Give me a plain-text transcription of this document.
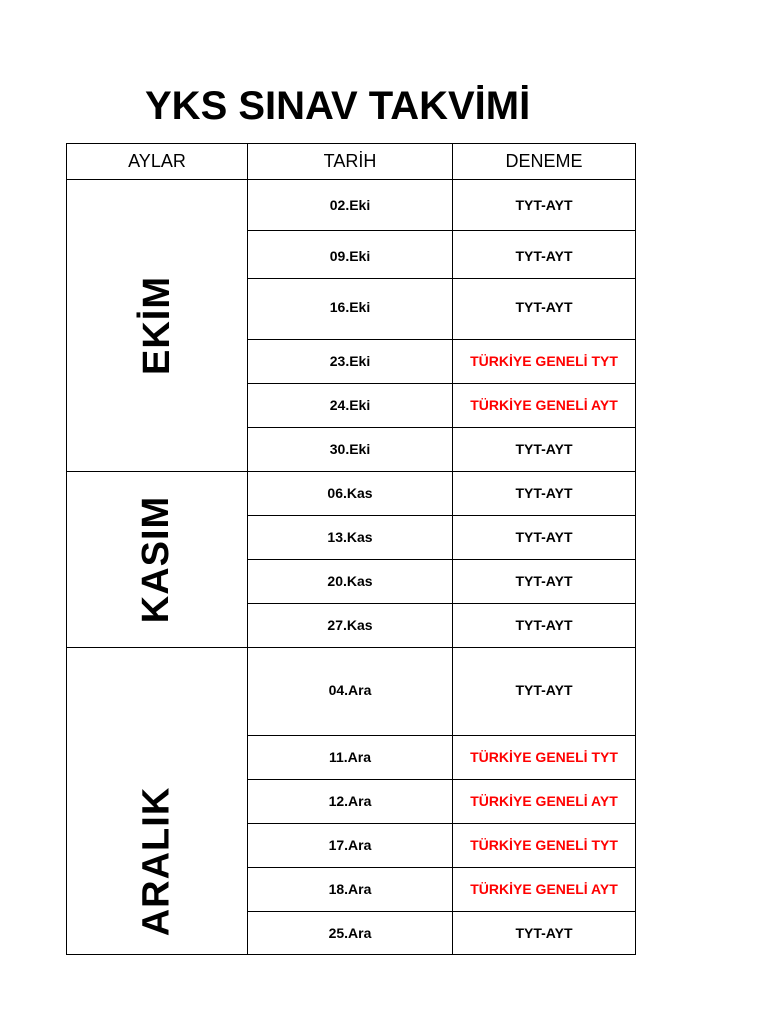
YKS SINAV TAKVİMİ
AYLAR	TARİH	DENEME
EKİM	02.Eki	TYT-AYT
	09.Eki	TYT-AYT
	16.Eki	TYT-AYT
	23.Eki	TÜRKİYE GENELİ TYT
	24.Eki	TÜRKİYE GENELİ AYT
	30.Eki	TYT-AYT
KASIM	06.Kas	TYT-AYT
	13.Kas	TYT-AYT
	20.Kas	TYT-AYT
	27.Kas	TYT-AYT
ARALIK	04.Ara	TYT-AYT
	11.Ara	TÜRKİYE GENELİ TYT
	12.Ara	TÜRKİYE GENELİ AYT
	17.Ara	TÜRKİYE GENELİ TYT
	18.Ara	TÜRKİYE GENELİ AYT
	25.Ara	TYT-AYT
